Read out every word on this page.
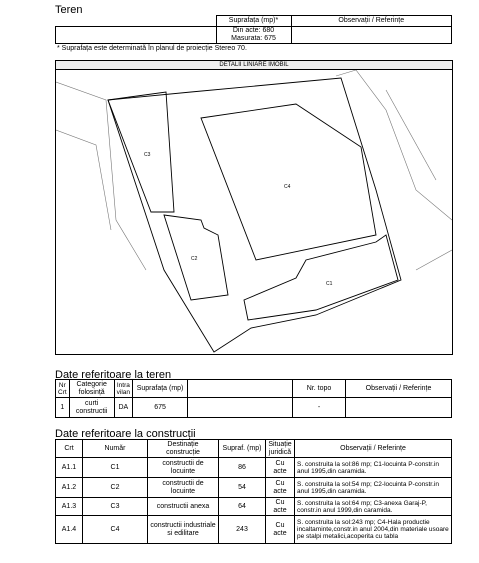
Teren
	Suprafața (mp)*	Observații / Referințe

	Din acte: 680
Masurata: 675	

* Suprafața este determinată în planul de proiecție Stereo 70.
DETALII LINIARE IMOBIL
C3
C4
C2
C1
Date referitoare la teren
Nr Crt	Categorie folosință	Intra vilan	Suprafața (mp)		Nr. topo	Observații / Referințe
1	curti constructii	DA	675		-	
Date referitoare la construcții
Crt	Număr	Destinație construcție	Supraf. (mp)	Situație juridică	Observații / Referințe
A1.1	C1	constructii de locuinte	86	Cu acte	S. construita la sol:86 mp; C1-locuinta P-constr.in anul 1995,din caramida.
A1.2	C2	constructii de locuinte	54	Cu acte	S. construita la sol:54 mp; C2-locuinta P-constr.in anul 1995,din caramida.
A1.3	C3	constructii anexa	64	Cu acte	S. construita la sol:64 mp; C3-anexa Garaj-P, constr.in anul 1999,din caramida.
A1.4	C4	constructii industriale si edilitare	243	Cu acte	S. construita la sol:243 mp; C4-Hala productie incaltaminte,constr.in anul 2004,din materiale usoare pe stalpi metalici,acoperita cu tabla
